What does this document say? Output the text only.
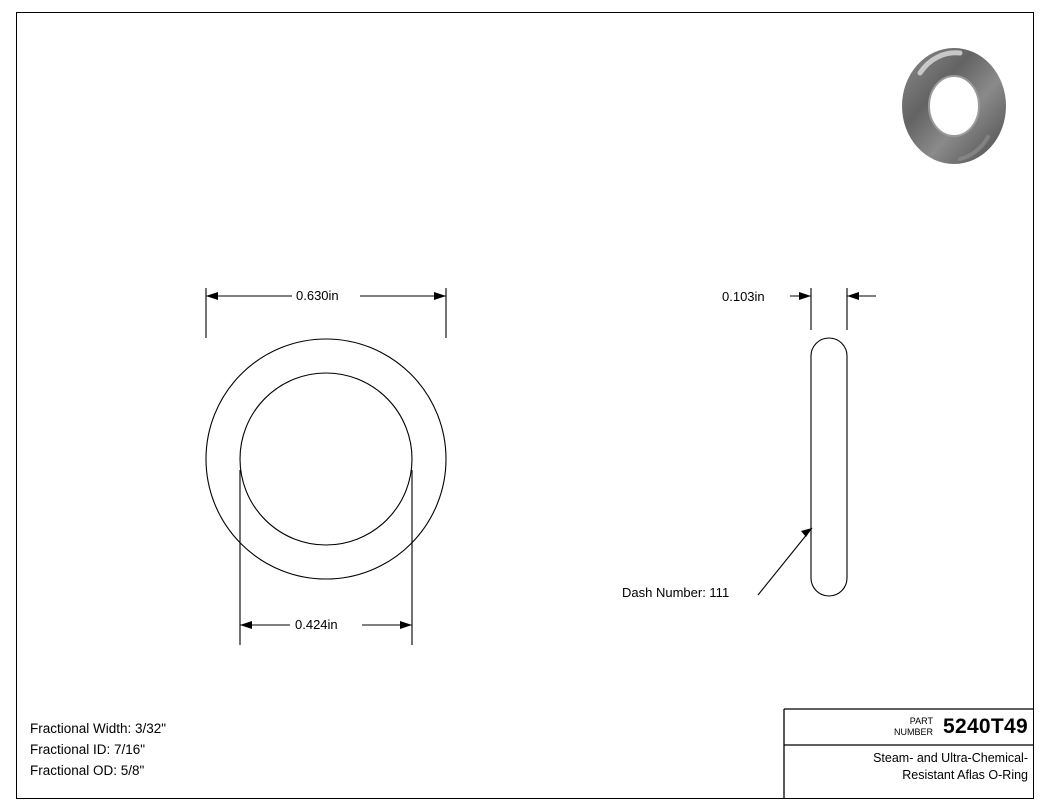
0.630in
0.424in
0.103in
Dash Number: 111
Fractional Width: 3/32"
Fractional ID: 7/16"
Fractional OD: 5/8"
PART
NUMBER 5240T49
Steam- and Ultra-Chemical-
Resistant Aflas O-Ring
